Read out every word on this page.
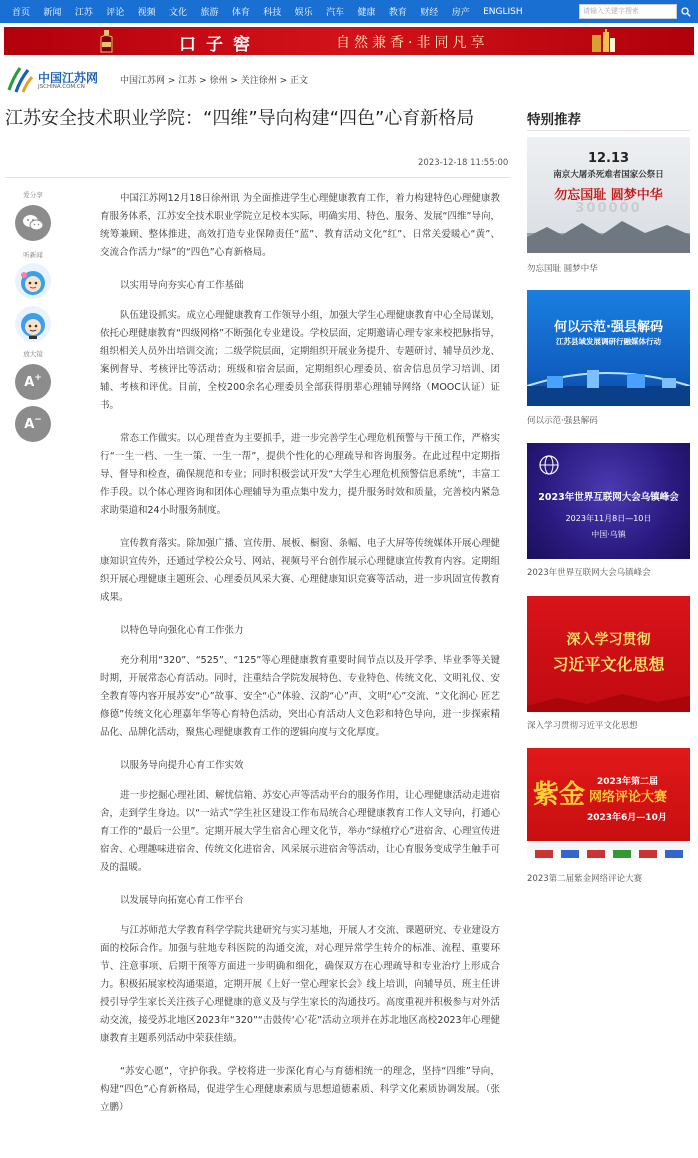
首页 新闻 江苏 评论 视频 文化 旅游 体育 科技 娱乐 汽车 健康 教育 财经 房产 ENGLISH	请输入关键字搜索
口子窖	自然兼香·非同凡享
中国江苏网
JSCHINA.COM.CN
中国江苏网 > 江苏 > 徐州 > 关注徐州 > 正文
江苏安全技术职业学院：“四维”导向构建“四色”心育新格局
2023-12-18 11:55:00
爱分享
听新闻
放大镜
A +
A −

中国江苏网12月18日徐州讯 为全面推进学生心理健康教育工作，着力构建特色心理健康教育服务体系，江苏安全技术职业学院立足校本实际，明确实用、特色、服务、发展“四维”导向，统筹兼顾、整体推进，高效打造专业保障责任“蓝”、教育活动文化“红”、日常关爱暖心“黄”、交流合作活力“绿”的“四色”心育新格局。

以实用导向夯实心育工作基础

队伍建设抓实。成立心理健康教育工作领导小组，加强大学生心理健康教育中心全局谋划，依托心理健康教育“四级网格”不断强化专业建设。学校层面，定期邀请心理专家来校把脉指导，组织相关人员外出培训交流；二级学院层面，定期组织开展业务提升、专题研讨、辅导员沙龙、案例督导、考核评比等活动；班级和宿舍层面，定期组织心理委员、宿舍信息员学习培训、团辅、考核和评优。目前，全校200余名心理委员全部获得朋辈心理辅导网络（MOOC认证）证书。

常态工作做实。以心理普查为主要抓手，进一步完善学生心理危机预警与干预工作，严格实行“一生一档、一生一策、一生一帮”，提供个性化的心理疏导和咨询服务。在此过程中定期指导、督导和检查，确保规范和专业；同时积极尝试开发“大学生心理危机预警信息系统”，丰富工作手段。以个体心理咨询和团体心理辅导为重点集中发力，提升服务时效和质量，完善校内紧急求助渠道和24小时服务制度。

宣传教育落实。除加强广播、宣传册、展板、橱窗、条幅、电子大屏等传统媒体开展心理健康知识宣传外，还通过学校公众号、网站、视频号平台创作展示心理健康宣传教育内容。定期组织开展心理健康主题班会、心理委员风采大赛、心理健康知识竞赛等活动，进一步巩固宣传教育成果。

以特色导向强化心育工作张力

充分利用“320”、“525”、“125”等心理健康教育重要时间节点以及开学季、毕业季等关键时期，开展常态心育活动。同时，注重结合学院发展特色、专业特色、传统文化、文明礼仪、安全教育等内容开展苏安“心”故事、安全“心”体验、汉韵“心”声、文明“心”交流、“文化润心 匠艺修德”传统文化心理嘉年华等心育特色活动，突出心育活动人文色彩和特色导向，进一步探索精品化、品牌化活动，聚焦心理健康教育工作的逻辑向度与文化厚度。

以服务导向提升心育工作实效

进一步挖掘心理社团、解忧信箱、苏安心声等活动平台的服务作用，让心理健康活动走进宿舍，走到学生身边。以“一站式”学生社区建设工作布局统合心理健康教育工作人文导向，打通心育工作的“最后一公里”。定期开展大学生宿舍心理文化节，举办“绿植疗心”进宿舍、心理宣传进宿舍、心理趣味进宿舍、传统文化进宿舍、风采展示进宿舍等活动，让心育服务变成学生触手可及的温暖。

以发展导向拓宽心育工作平台

与江苏师范大学教育科学学院共建研究与实习基地，开展人才交流、课题研究、专业建设方面的校际合作。加强与驻地专科医院的沟通交流，对心理异常学生转介的标准、流程、重要环节、注意事项、后期干预等方面进一步明确和细化，确保双方在心理疏导和专业治疗上形成合力。积极拓展家校沟通渠道，定期开展《上好一堂心理家长会》线上培训，向辅导员、班主任讲授引导学生家长关注孩子心理健康的意义及与学生家长的沟通技巧。高度重视并积极参与对外活动交流，接受苏北地区2023年“320”“击鼓传‘心’花”活动立项并在苏北地区高校2023年心理健康教育主题系列活动中荣获佳绩。

“苏安心愿”，守护你我。学校将进一步深化育心与育德相统一的理念，坚持“四维”导向，构建“四色”心育新格局，促进学生心理健康素质与思想道德素质、科学文化素质协调发展。（张立鹏）

特别推荐
12.13
南京大屠杀死难者国家公祭日
勿忘国耻 圆梦中华
300000
勿忘国耻 圆梦中华
何以示范·强县解码
江苏县域发展调研行融媒体行动
何以示范·强县解码
2023年世界互联网大会乌镇峰会
2023年11月8日—10日
中国·乌镇
2023年世界互联网大会乌镇峰会
深入学习贯彻
习近平文化思想
深入学习贯彻习近平文化思想
紫金 2023年第二届
网络评论大赛
2023年6月—10月
2023第二届紫金网络评论大赛
